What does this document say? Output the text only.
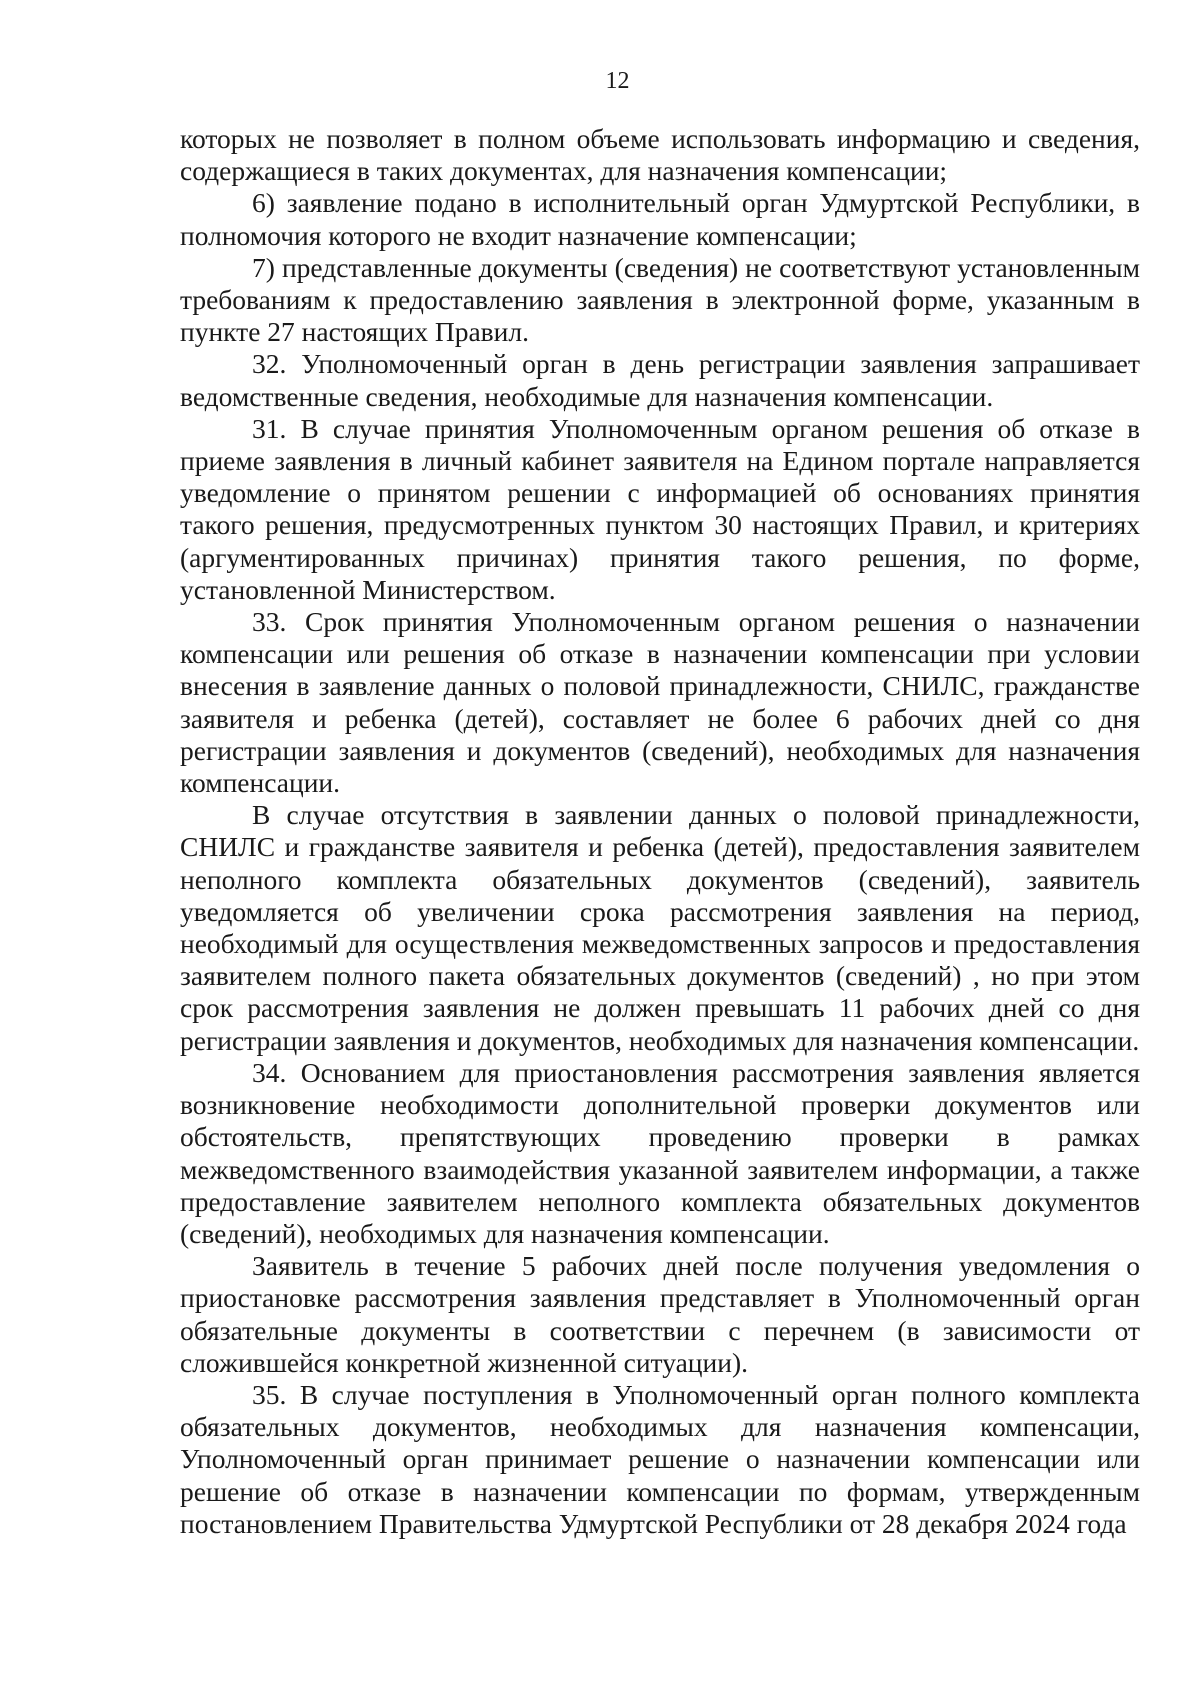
12

которых не позволяет в полном объеме использовать информацию и сведения, содержащиеся в таких документах, для назначения компенсации;

6) заявление подано в исполнительный орган Удмуртской Республики, в полномочия которого не входит назначение компенсации;

7) представленные документы (сведения) не соответствуют установленным требованиям к предоставлению заявления в электронной форме, указанным в пункте 27 настоящих Правил.

32. Уполномоченный орган в день регистрации заявления запрашивает ведомственные сведения, необходимые для назначения компенсации.

31. В случае принятия Уполномоченным органом решения об отказе в приеме заявления в личный кабинет заявителя на Едином портале направляется уведомление о принятом решении с информацией об основаниях принятия такого решения, предусмотренных пунктом 30 настоящих Правил, и критериях (аргументированных причинах) принятия такого решения, по форме, установленной Министерством.

33. Срок принятия Уполномоченным органом решения о назначении компенсации или решения об отказе в назначении компенсации при условии внесения в заявление данных о половой принадлежности, СНИЛС, гражданстве заявителя и ребенка (детей), составляет не более 6 рабочих дней со дня регистрации заявления и документов (сведений), необходимых для назначения компенсации.

В случае отсутствия в заявлении данных о половой принадлежности, СНИЛС и гражданстве заявителя и ребенка (детей), предоставления заявителем неполного комплекта обязательных документов (сведений), заявитель уведомляется об увеличении срока рассмотрения заявления на период, необходимый для осуществления межведомственных запросов и предоставления заявителем полного пакета обязательных документов (сведений) , но при этом срок рассмотрения заявления не должен превышать 11 рабочих дней со дня регистрации заявления и документов, необходимых для назначения компенсации.

34. Основанием для приостановления рассмотрения заявления является возникновение необходимости дополнительной проверки документов или обстоятельств, препятствующих проведению проверки в рамках межведомственного взаимодействия указанной заявителем информации, а также предоставление заявителем неполного комплекта обязательных документов (сведений), необходимых для назначения компенсации.

Заявитель в течение 5 рабочих дней после получения уведомления о приостановке рассмотрения заявления представляет в Уполномоченный орган обязательные документы в соответствии с перечнем (в зависимости от сложившейся конкретной жизненной ситуации).

35. В случае поступления в Уполномоченный орган полного комплекта обязательных документов, необходимых для назначения компенсации, Уполномоченный орган принимает решение о назначении компенсации или решение об отказе в назначении компенсации по формам, утвержденным постановлением Правительства Удмуртской Республики от 28 декабря 2024 года
